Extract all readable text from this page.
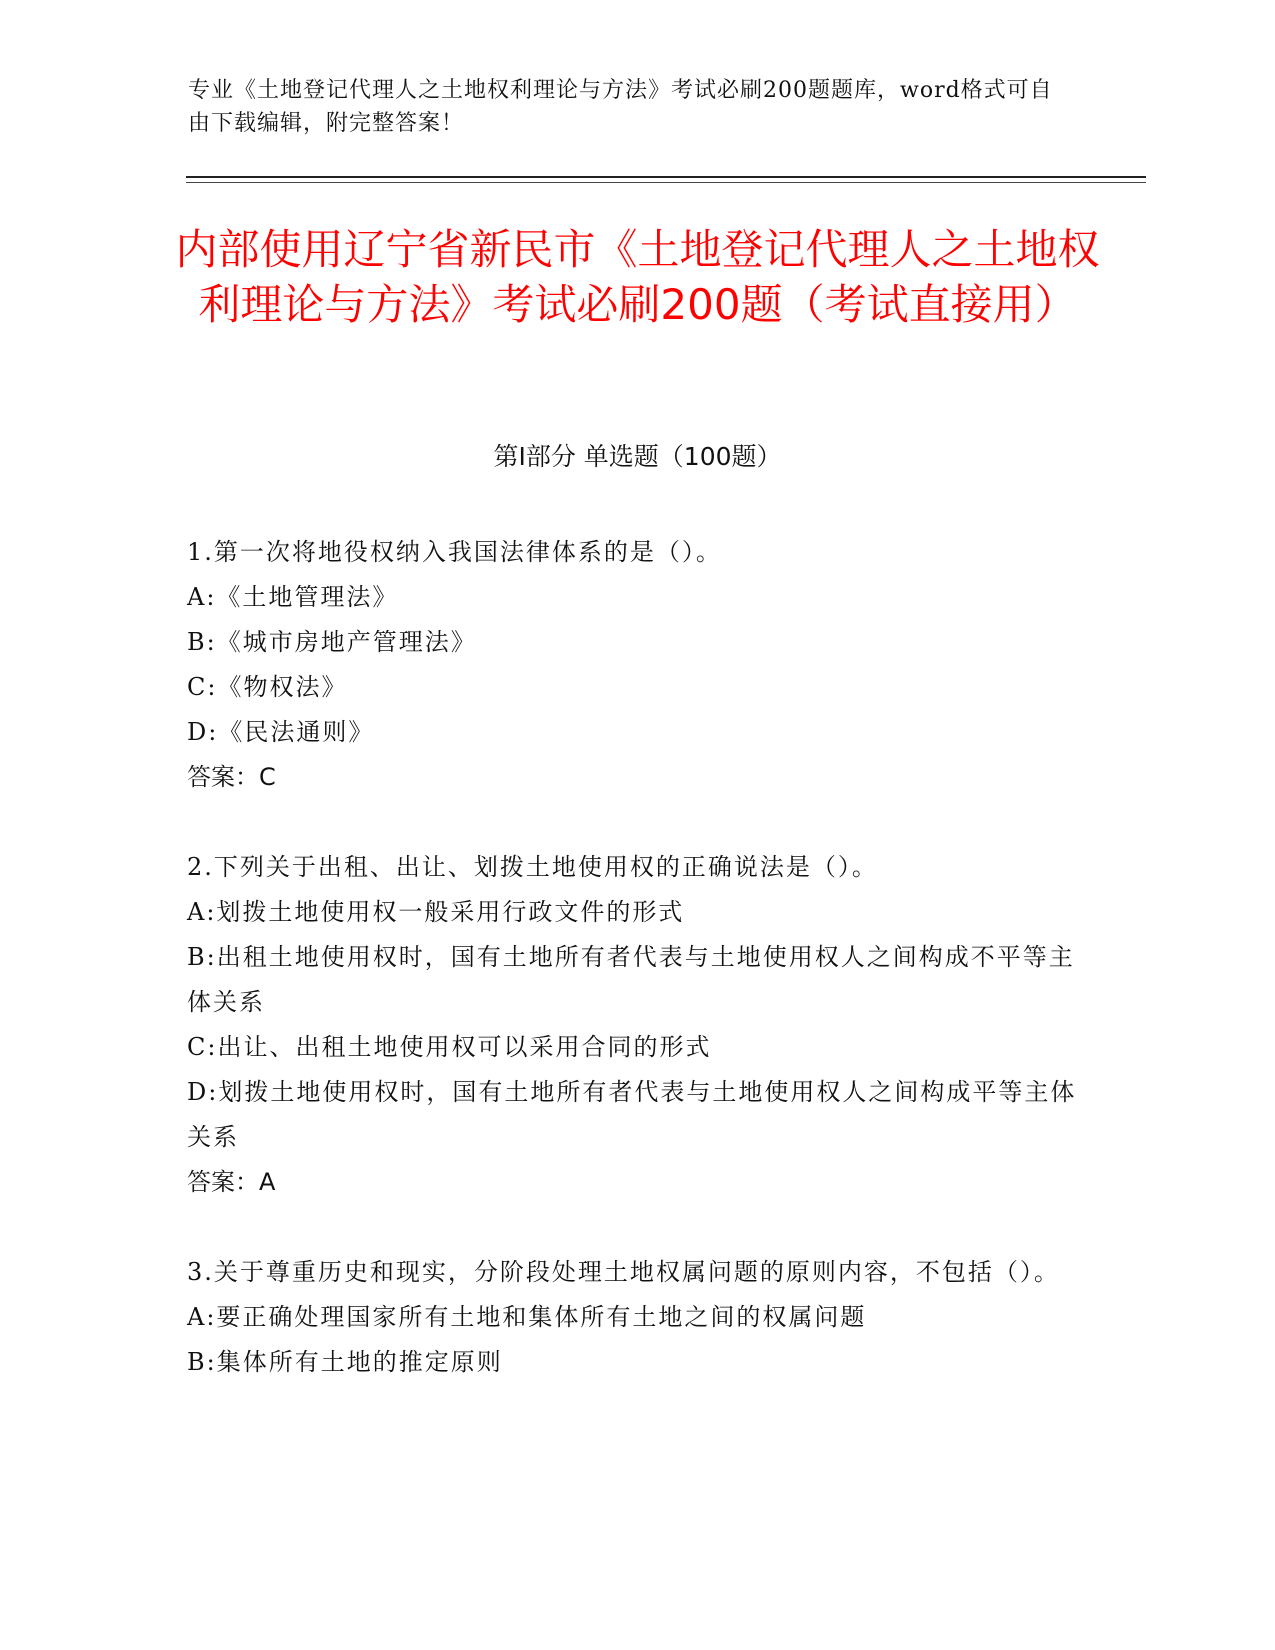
专业《土地登记代理人之土地权利理论与方法》考试必刷200题题库，word格式可自由下载编辑，附完整答案！
内部使用辽宁省新民市《土地登记代理人之土地权利理论与方法》考试必刷200题（考试直接用）
第Ⅰ部分 单选题（100题）

1.第一次将地役权纳入我国法律体系的是（）。

A:《土地管理法》

B:《城市房地产管理法》

C:《物权法》

D:《民法通则》

答案：C

2.下列关于出租、出让、划拨土地使用权的正确说法是（）。

A:划拨土地使用权一般采用行政文件的形式

B:出租土地使用权时，国有土地所有者代表与土地使用权人之间构成不平等主体关系

C:出让、出租土地使用权可以采用合同的形式

D:划拨土地使用权时，国有土地所有者代表与土地使用权人之间构成平等主体关系

答案：A

3.关于尊重历史和现实，分阶段处理土地权属问题的原则内容，不包括（）。

A:要正确处理国家所有土地和集体所有土地之间的权属问题

B:集体所有土地的推定原则
